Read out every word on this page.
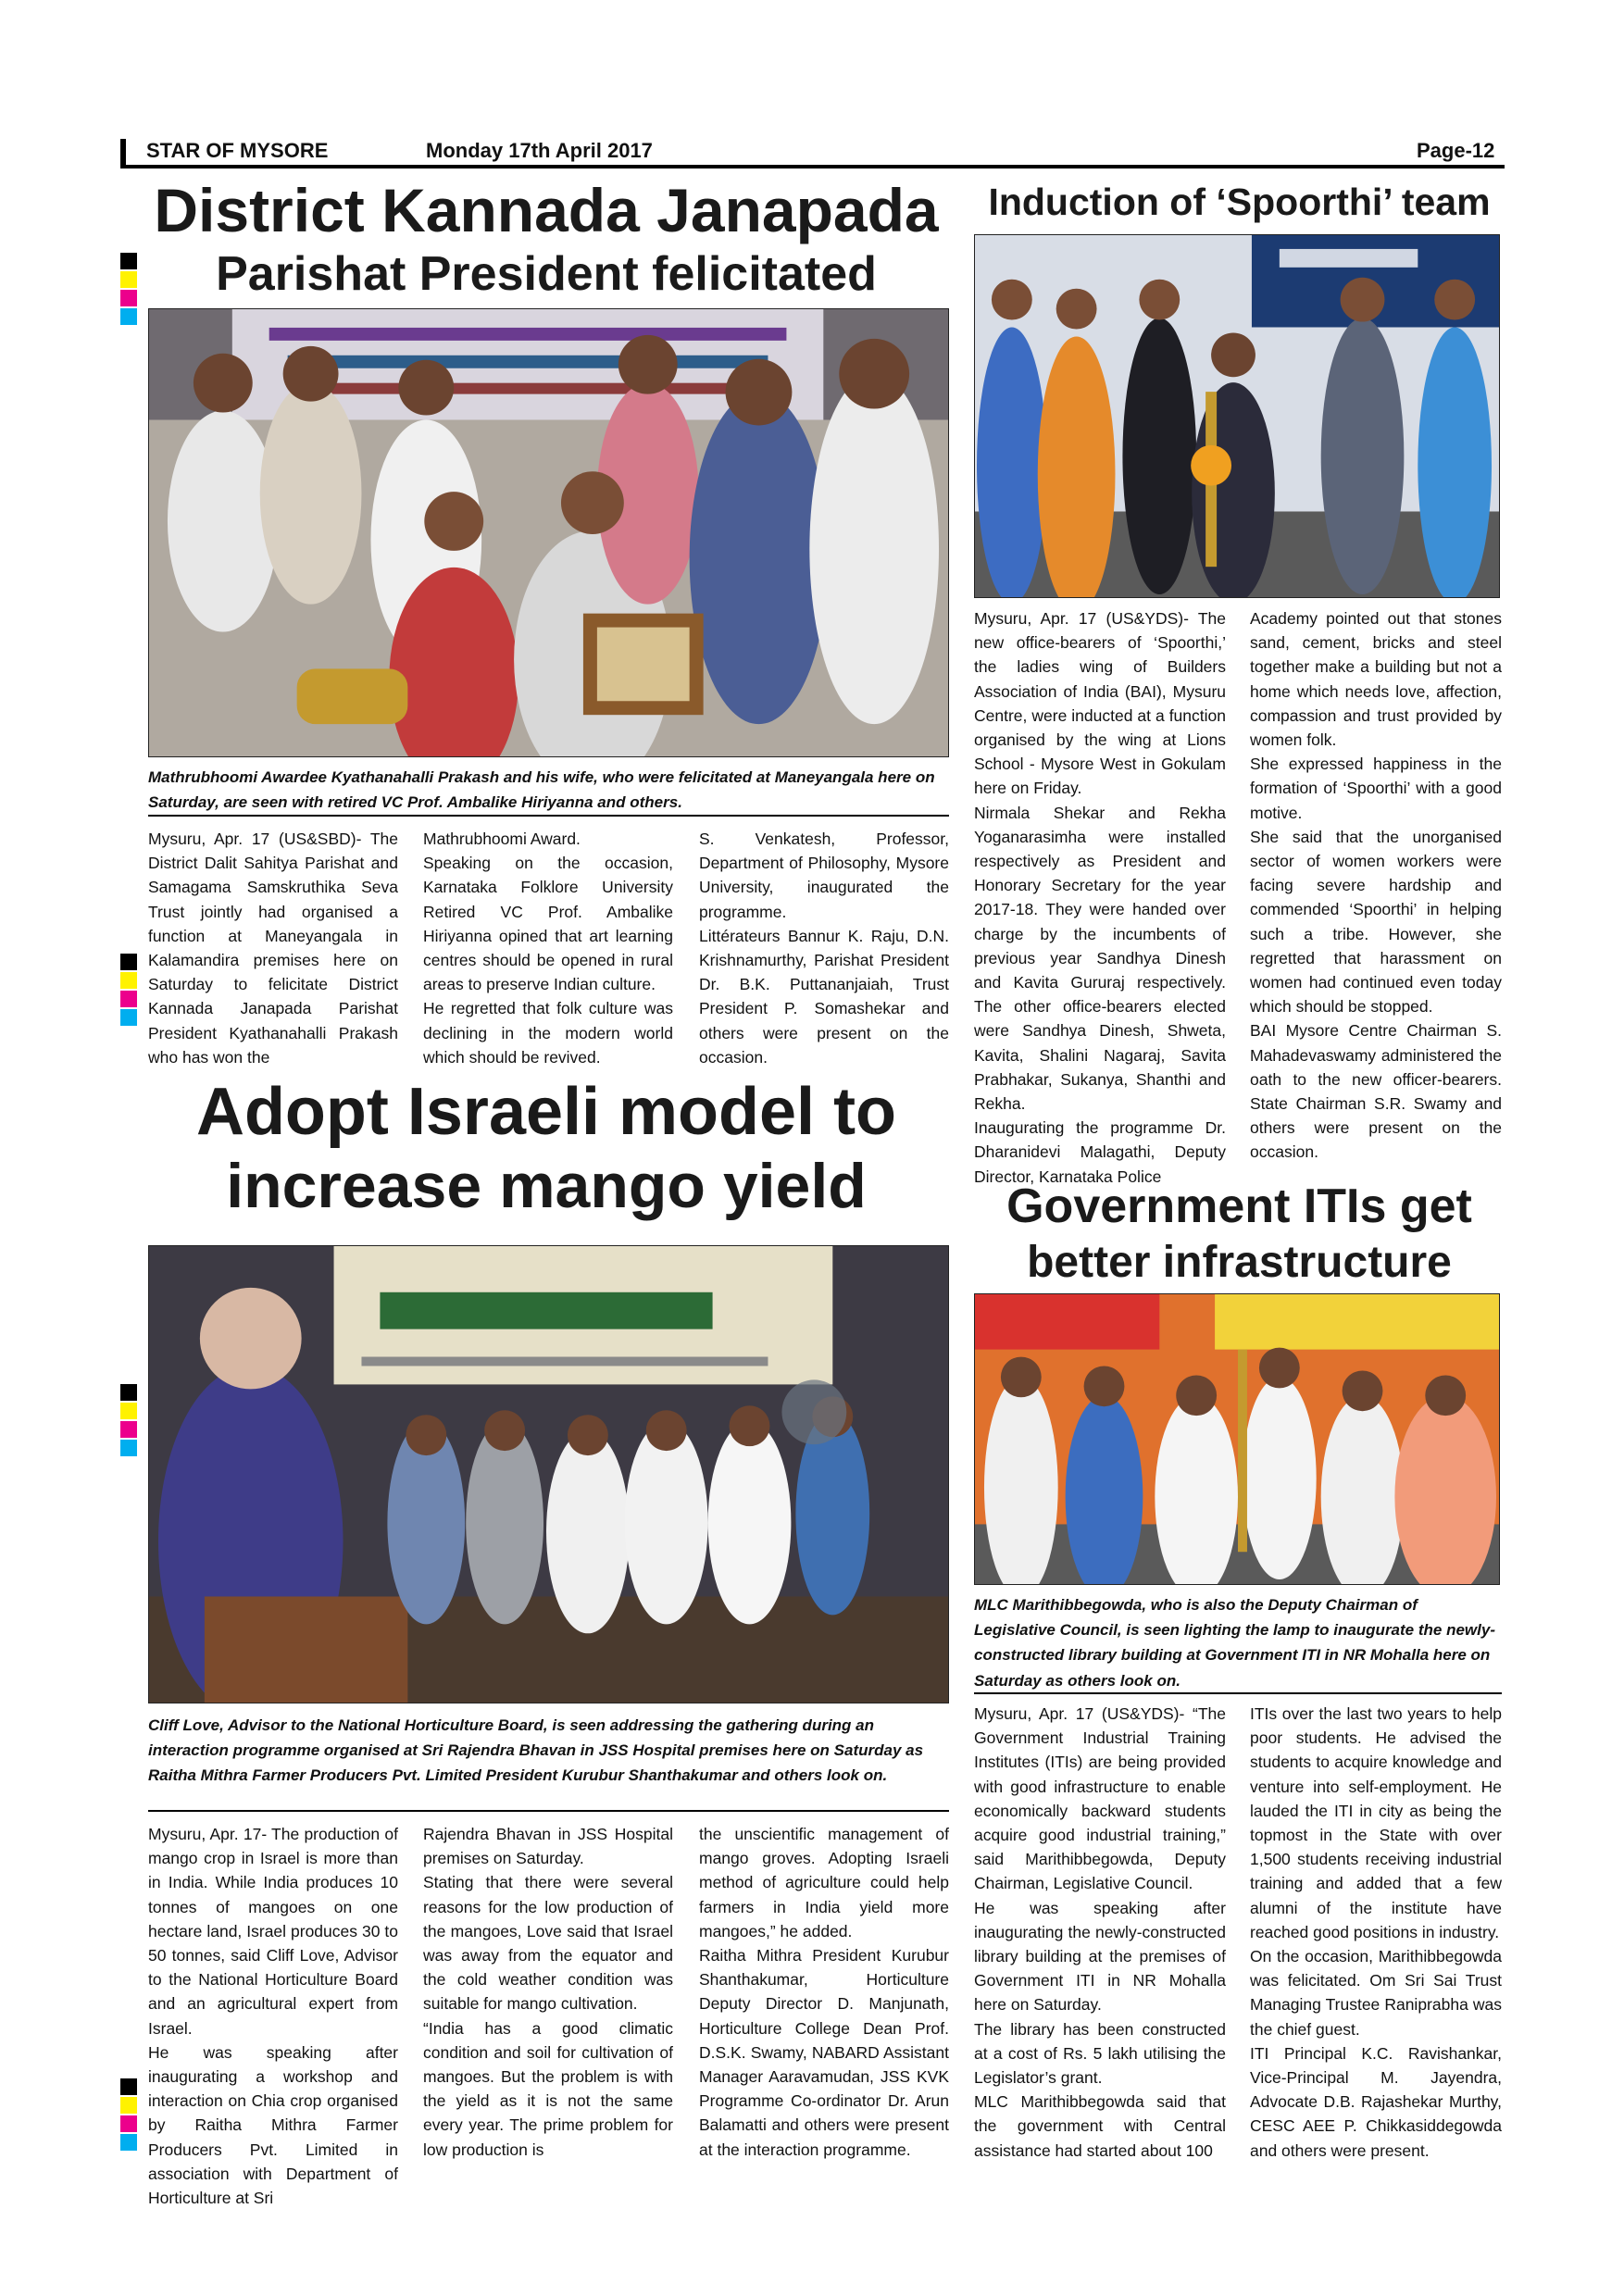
STAR OF MYSORE	Monday 17th April 2017	Page-12
District Kannada Janapada
Parishat President felicitated
Mathrubhoomi Awardee Kyathanahalli Prakash and his wife, who were felicitated at Maneyangala here on Saturday, are seen with retired VC Prof. Ambalike Hiriyanna and others.
Mysuru, Apr. 17 (US&SBD)- The District Dalit Sahitya Parishat and Samagama Samskruthika Seva Trust jointly had organised a function at Maneyangala in Kalamandira premises here on Saturday to felicitate District Kannada Janapada Parishat President Kyathanahalli Prakash who has won the
Mathrubhoomi Award.
Speaking on the occasion, Karnataka Folklore University Retired VC Prof. Ambalike Hiriyanna opined that art learning centres should be opened in rural areas to preserve Indian culture.
He regretted that folk culture was declining in the modern world which should be revived.
S. Venkatesh, Professor, Department of Philosophy, Mysore University, inaugurated the programme.
Littérateurs Bannur K. Raju, D.N. Krishnamurthy, Parishat President Dr. B.K. Puttananjaiah, Trust President P. Somashekar and others were present on the occasion.
Induction of ‘Spoorthi’ team
Mysuru, Apr. 17 (US&YDS)- The new office-bearers of ‘Spoorthi,’ the ladies wing of Builders Association of India (BAI), Mysuru Centre, were inducted at a function organised by the wing at Lions School - Mysore West in Gokulam here on Friday.
Nirmala Shekar and Rekha Yoganarasimha were installed respectively as President and Honorary Secretary for the year 2017-18. They were handed over charge by the incumbents of previous year Sandhya Dinesh and Kavita Gururaj respectively. The other office-bearers elected were Sandhya Dinesh, Shweta, Kavita, Shalini Nagaraj, Savita Prabhakar, Sukanya, Shanthi and Rekha.
Inaugurating the programme Dr. Dharanidevi Malagathi, Deputy Director, Karnataka Police
Academy pointed out that stones sand, cement, bricks and steel together make a building but not a home which needs love, affection, compassion and trust provided by women folk.
She expressed happiness in the formation of ‘Spoorthi’ with a good motive.
She said that the unorganised sector of women workers were facing severe hardship and commended ‘Spoorthi’ in helping such a tribe. However, she regretted that harassment on women had continued even today which should be stopped.
BAI Mysore Centre Chairman S. Mahadevaswamy administered the oath to the new officer-bearers. State Chairman S.R. Swamy and others were present on the occasion.
Adopt Israeli model to
increase mango yield
Cliff Love, Advisor to the National Horticulture Board, is seen addressing the gathering during an interaction programme organised at Sri Rajendra Bhavan in JSS Hospital premises here on Saturday as Raitha Mithra Farmer Producers Pvt. Limited President Kurubur Shanthakumar and others look on.
Mysuru, Apr. 17- The production of mango crop in Israel is more than in India. While India produces 10 tonnes of mangoes on one hectare land, Israel produces 30 to 50 tonnes, said Cliff Love, Advisor to the National Horticulture Board and an agricultural expert from Israel.
He was speaking after inaugurating a workshop and interaction on Chia crop organised by Raitha Mithra Farmer Producers Pvt. Limited in association with Department of Horticulture at Sri
Rajendra Bhavan in JSS Hospital premises on Saturday.
Stating that there were several reasons for the low production of the mangoes, Love said that Israel was away from the equator and the cold weather condition was suitable for mango cultivation.
“India has a good climatic condition and soil for cultivation of mangoes. But the problem is with the yield as it is not the same every year. The prime problem for low production is
the unscientific management of mango groves. Adopting Israeli method of agriculture could help farmers in India yield more mangoes,” he added.
Raitha Mithra President Kurubur Shanthakumar, Horticulture Deputy Director D. Manjunath, Horticulture College Dean Prof. D.S.K. Swamy, NABARD Assistant Manager Aaravamudan, JSS KVK Programme Co-ordinator Dr. Arun Balamatti and others were present at the interaction programme.
Government ITIs get
better infrastructure
MLC Marithibbegowda, who is also the Deputy Chairman of Legislative Council, is seen lighting the lamp to inaugurate the newly-constructed library building at Government ITI in NR Mohalla here on Saturday as others look on.
Mysuru, Apr. 17 (US&YDS)- “The Government Industrial Training Institutes (ITIs) are being provided with good infrastructure to enable economically backward students acquire good industrial training,” said Marithibbegowda, Deputy Chairman, Legislative Council.
He was speaking after inaugurating the newly-constructed library building at the premises of Government ITI in NR Mohalla here on Saturday.
The library has been constructed at a cost of Rs. 5 lakh utilising the Legislator’s grant.
MLC Marithibbegowda said that the government with Central assistance had started about 100
ITIs over the last two years to help poor students. He advised the students to acquire knowledge and venture into self-employment. He lauded the ITI in city as being the topmost in the State with over 1,500 students receiving industrial training and added that a few alumni of the institute have reached good positions in industry.
On the occasion, Marithibbegowda was felicitated. Om Sri Sai Trust Managing Trustee Raniprabha was the chief guest.
ITI Principal K.C. Ravishankar, Vice-Principal M. Jayendra, Advocate D.B. Rajashekar Murthy, CESC AEE P. Chikkasiddegowda and others were present.
